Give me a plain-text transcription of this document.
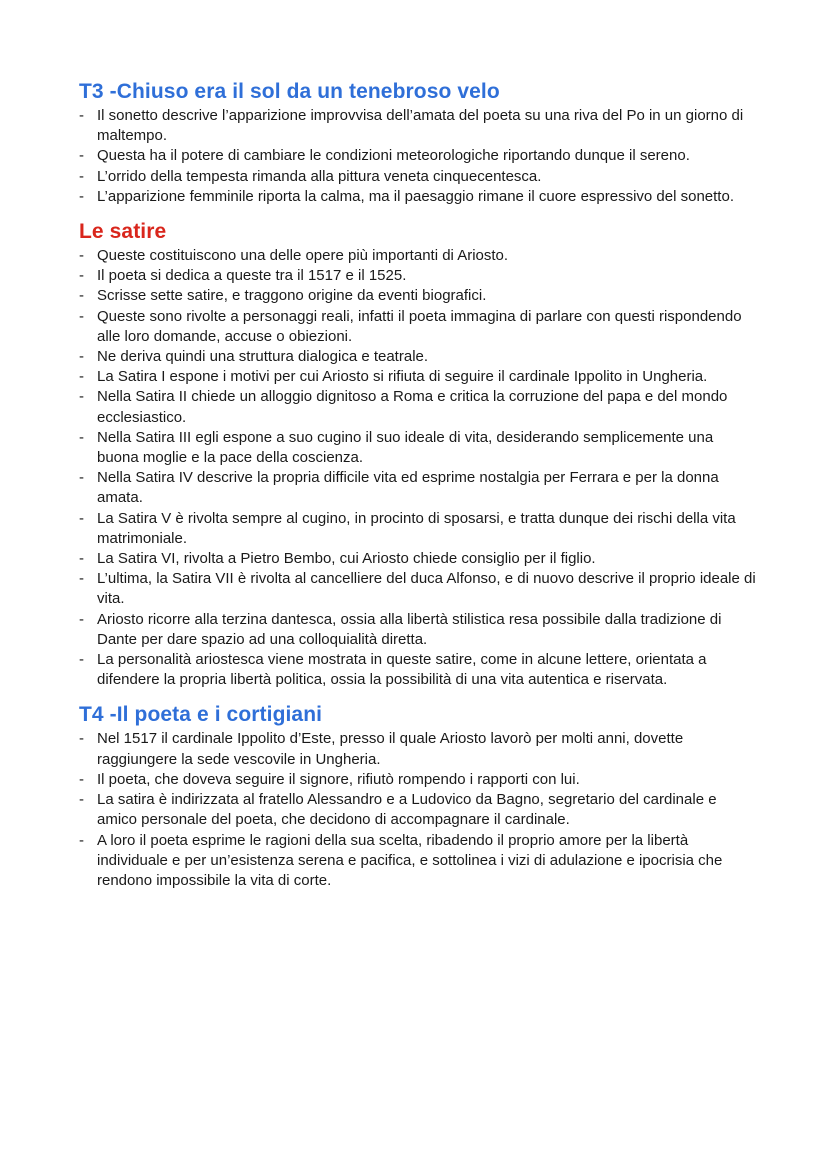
T3 -Chiuso era il sol da un tenebroso velo
- Il sonetto descrive l’apparizione improvvisa dell’amata del poeta su una riva del Po in un giorno di maltempo.
- Questa ha il potere di cambiare le condizioni meteorologiche riportando dunque il sereno.
- L’orrido della tempesta rimanda alla pittura veneta cinquecentesca.
- L’apparizione femminile riporta la calma, ma il paesaggio rimane il cuore espressivo del sonetto.
Le satire
- Queste costituiscono una delle opere più importanti di Ariosto.
- Il poeta si dedica a queste tra il 1517 e il 1525.
- Scrisse sette satire, e traggono origine da eventi biografici.
- Queste sono rivolte a personaggi reali, infatti il poeta immagina di parlare con questi rispondendo alle loro domande, accuse o obiezioni.
- Ne deriva quindi una struttura dialogica e teatrale.
- La Satira I espone i motivi per cui Ariosto si rifiuta di seguire il cardinale Ippolito in Ungheria.
- Nella Satira II chiede un alloggio dignitoso a Roma e critica la corruzione del papa e del mondo ecclesiastico.
- Nella Satira III egli espone a suo cugino il suo ideale di vita, desiderando semplicemente una buona moglie e la pace della coscienza.
- Nella Satira IV descrive la propria difficile vita ed esprime nostalgia per Ferrara e per la donna amata.
- La Satira V è rivolta sempre al cugino, in procinto di sposarsi, e tratta dunque dei rischi della vita matrimoniale.
- La Satira VI, rivolta a Pietro Bembo, cui Ariosto chiede consiglio per il figlio.
- L’ultima, la Satira VII è rivolta al cancelliere del duca Alfonso, e di nuovo descrive il proprio ideale di vita.
- Ariosto ricorre alla terzina dantesca, ossia alla libertà stilistica resa possibile dalla tradizione di Dante per dare spazio ad una colloquialità diretta.
- La personalità ariostesca viene mostrata in queste satire, come in alcune lettere, orientata a difendere la propria libertà politica, ossia la possibilità di una vita autentica e riservata.
T4 -Il poeta e i cortigiani
- Nel 1517 il cardinale Ippolito d’Este, presso il quale Ariosto lavorò per molti anni, dovette raggiungere la sede vescovile in Ungheria.
- Il poeta, che doveva seguire il signore, rifiutò rompendo i rapporti con lui.
- La satira è indirizzata al fratello Alessandro e a Ludovico da Bagno, segretario del cardinale e amico personale del poeta, che decidono di accompagnare il cardinale.
- A loro il poeta esprime le ragioni della sua scelta, ribadendo il proprio amore per la libertà individuale e per un’esistenza serena e pacifica, e sottolinea i vizi di adulazione e ipocrisia che rendono impossibile la vita di corte.
